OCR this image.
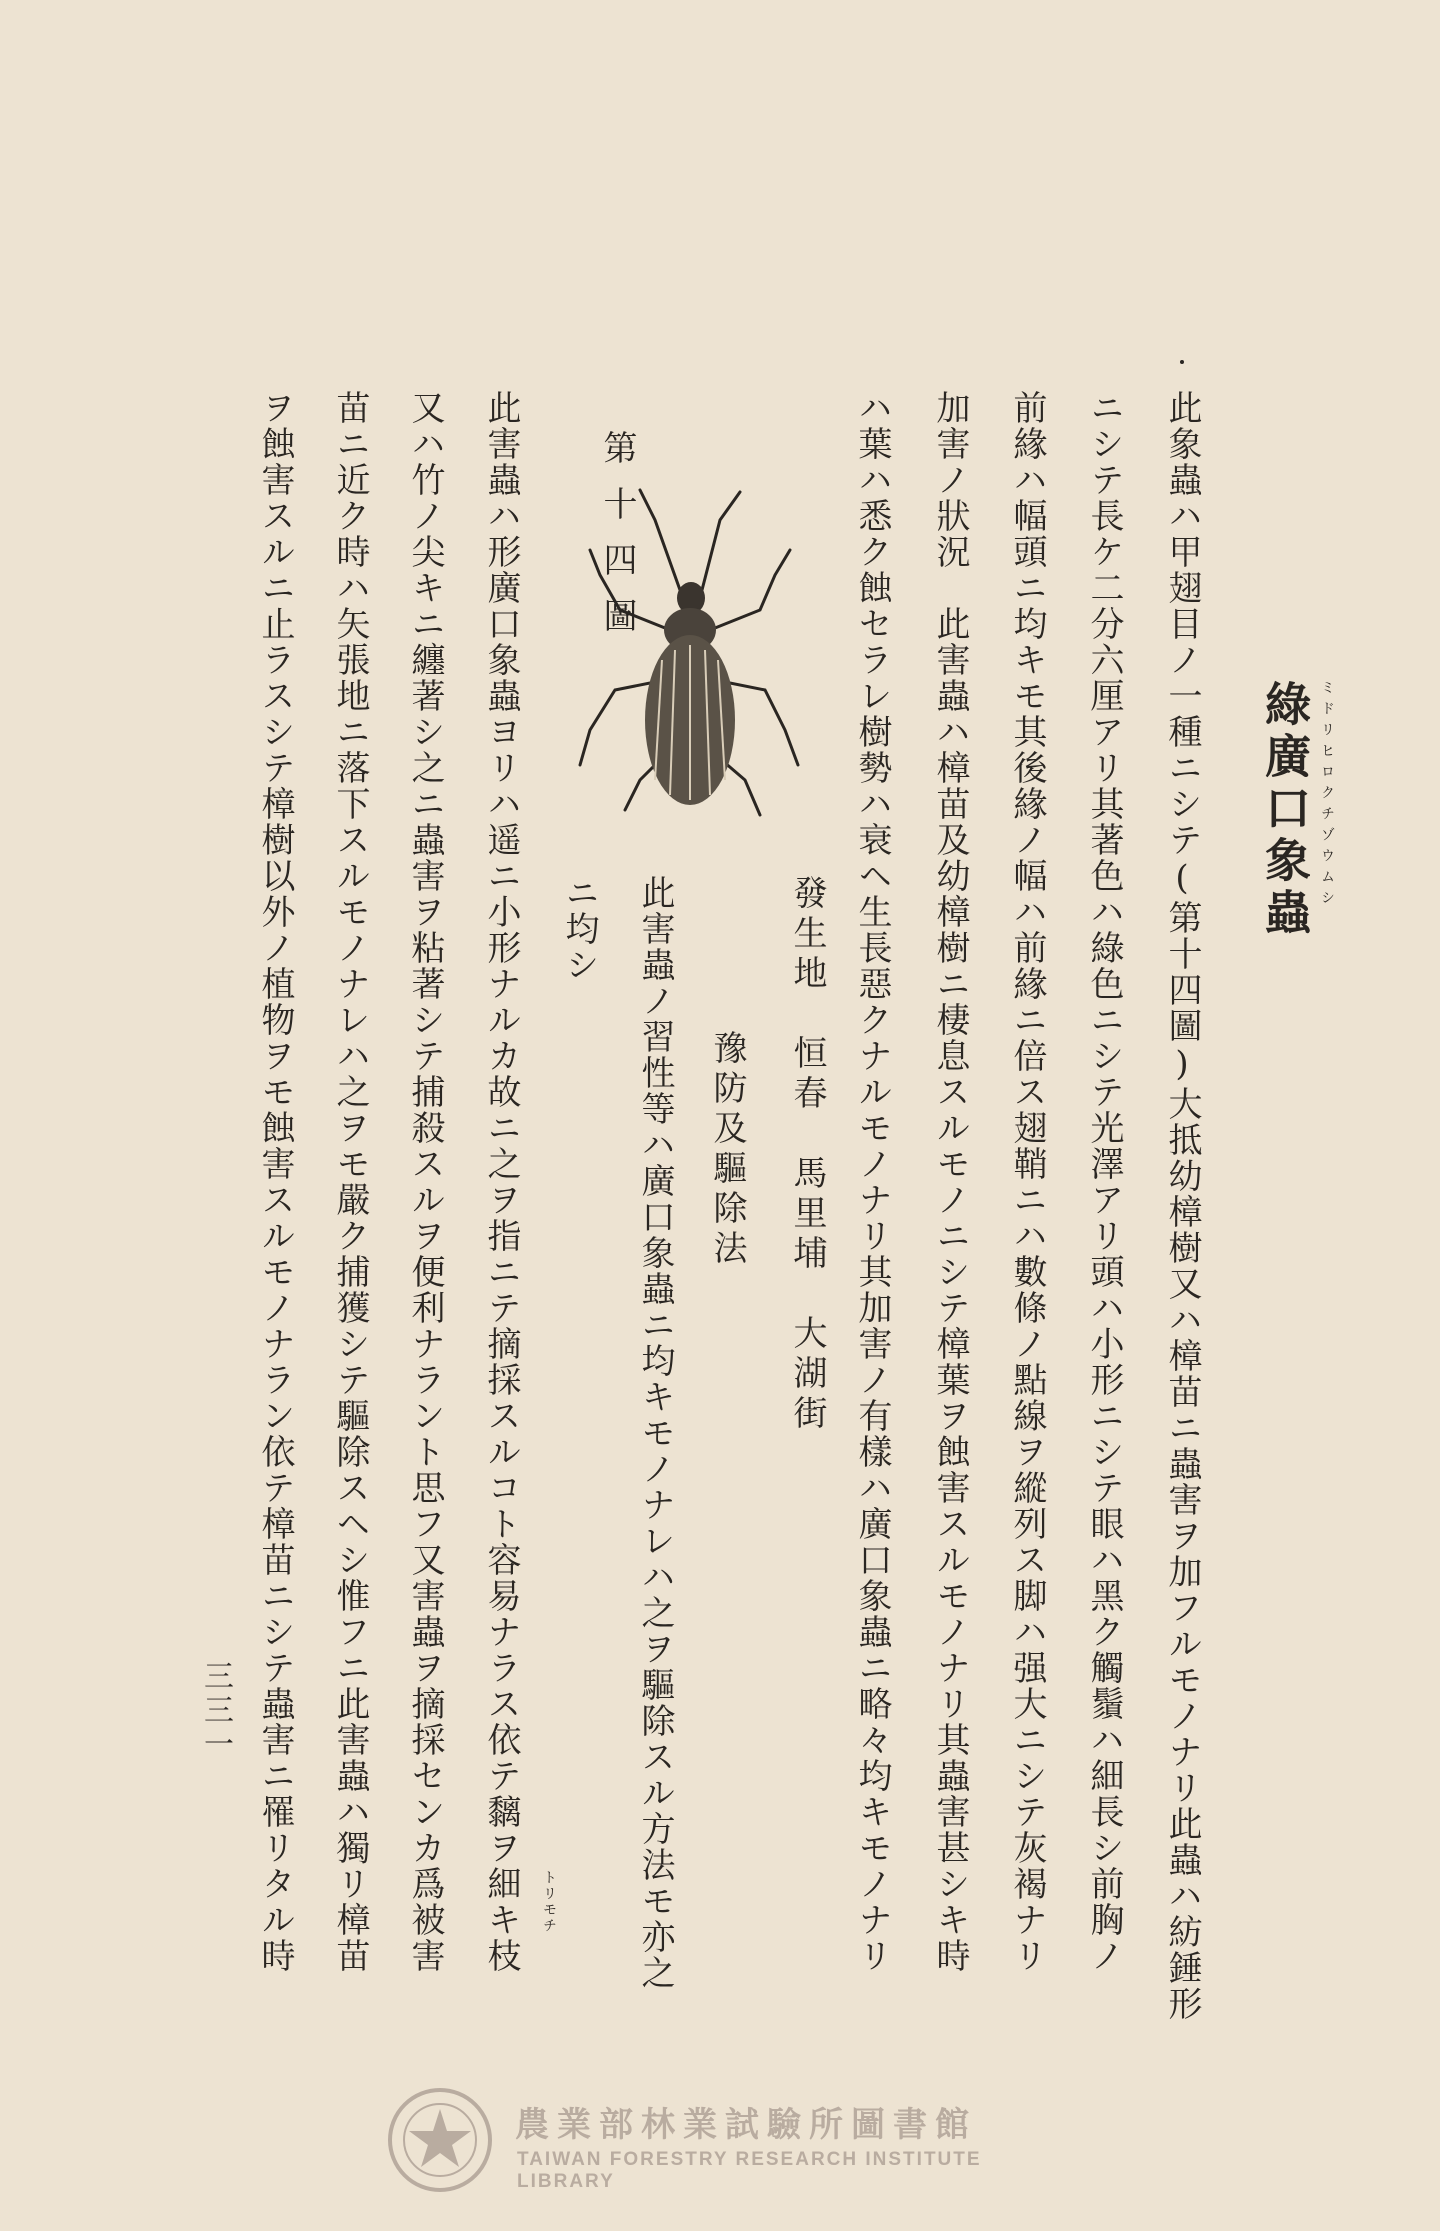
ミドリヒロクチゾウムシ
綠廣口象蟲
此象蟲ハ甲翅目ノ一種ニシテ(第十四圖)大抵幼樟樹又ハ樟苗ニ蟲害ヲ加フルモノナリ此蟲ハ紡錘形
ニシテ長ケ二分六厘アリ其著色ハ綠色ニシテ光澤アリ頭ハ小形ニシテ眼ハ黑ク觸鬚ハ細長シ前胸ノ
前緣ハ幅頭ニ均キモ其後緣ノ幅ハ前緣ニ倍ス翅鞘ニハ數條ノ點線ヲ縱列ス脚ハ强大ニシテ灰褐ナリ
加害ノ狀況　此害蟲ハ樟苗及幼樟樹ニ棲息スルモノニシテ樟葉ヲ蝕害スルモノナリ其蟲害甚シキ時
ハ葉ハ悉ク蝕セラレ樹勢ハ衰ヘ生長惡クナルモノナリ其加害ノ有樣ハ廣口象蟲ニ略々均キモノナリ
發生地　恒春　馬里埔　大湖街
豫防及驅除法
此害蟲ノ習性等ハ廣口象蟲ニ均キモノナレハ之ヲ驅除スル方法モ亦之
ニ均シ
トリモチ
此害蟲ハ形廣口象蟲ヨリハ遥ニ小形ナルカ故ニ之ヲ指ニテ摘採スルコト容易ナラス依テ黐ヲ細キ枝
又ハ竹ノ尖キニ纏著シ之ニ蟲害ヲ粘著シテ捕殺スルヲ便利ナラント思フ又害蟲ヲ摘採センカ爲被害
苗ニ近ク時ハ矢張地ニ落下スルモノナレハ之ヲモ嚴ク捕獲シテ驅除スヘシ惟フニ此害蟲ハ獨リ樟苗
ヲ蝕害スルニ止ラスシテ樟樹以外ノ植物ヲモ蝕害スルモノナラン依テ樟苗ニシテ蟲害ニ罹リタル時	第十四圖
三三一
農業部林業試驗所圖書館
TAIWAN FORESTRY RESEARCH INSTITUTE LIBRARY
